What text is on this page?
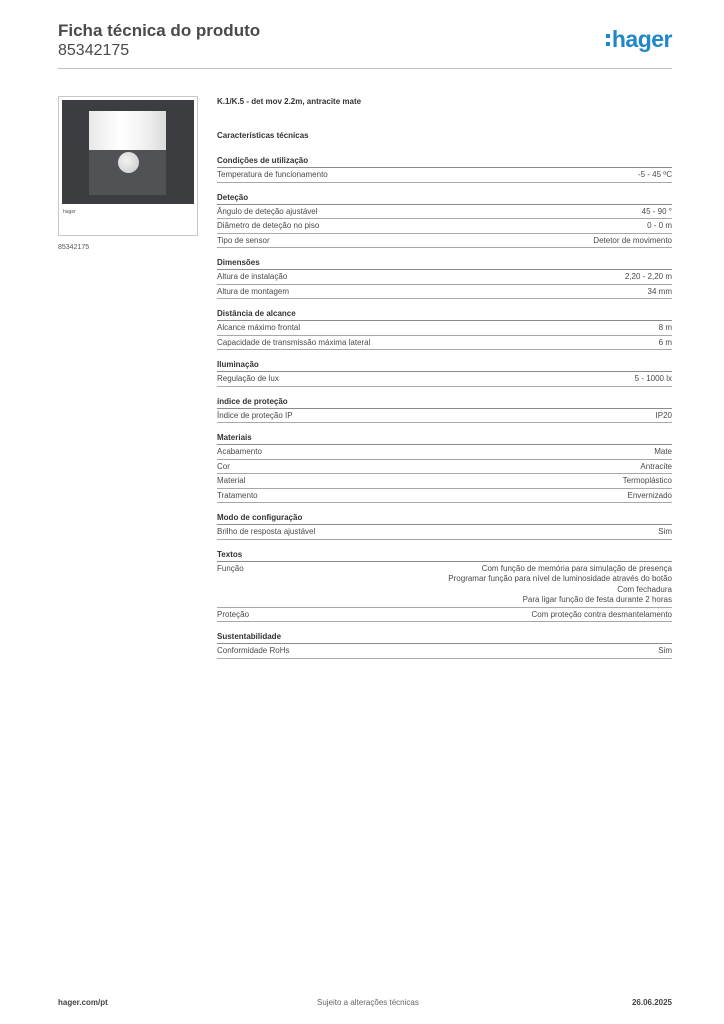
Ficha técnica do produto
85342175	hager
hager
85342175
K.1/K.5 - det mov 2.2m, antracite mate
Características técnicas
Condições de utilização
Temperatura de funcionamento	-5 - 45 ºC
Deteção
Ângulo de deteção ajustável	45 - 90 °
Diâmetro de deteção no piso	0 - 0 m
Tipo de sensor	Detetor de movimento
Dimensões
Altura de instalação	2,20 - 2,20 m
Altura de montagem	34 mm
Distância de alcance
Alcance máximo frontal	8 m
Capacidade de transmissão máxima lateral	6 m
Iluminação
Regulação de lux	5 - 1000 lx
índice de proteção
Índice de proteção IP	IP20
Materiais
Acabamento	Mate
Cor	Antracite
Material	Termoplástico
Tratamento	Envernizado
Modo de configuração
Brilho de resposta ajustável	Sim
Textos
Função	Com função de memória para simulação de presença
Programar função para nível de luminosidade através do botão
Com fechadura
Para ligar função de festa durante 2 horas
Proteção	Com proteção contra desmantelamento
Sustentabilidade
Conformidade RoHs	Sim
hager.com/pt	Sujeito a alterações técnicas	26.06.2025
